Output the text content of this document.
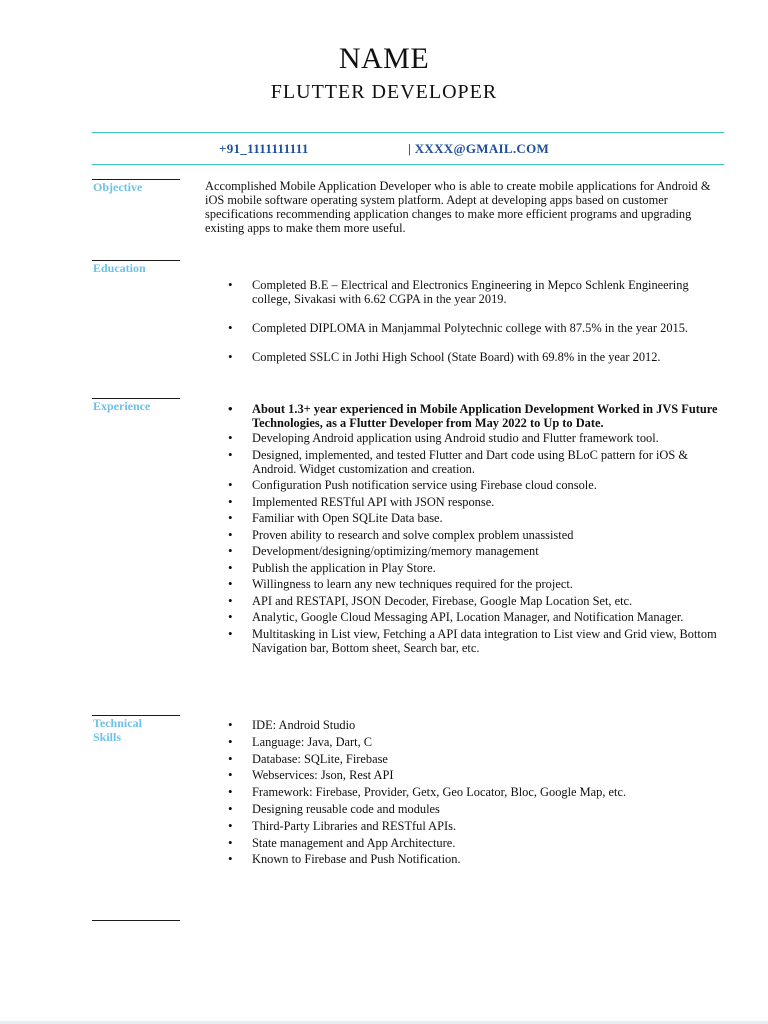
NAME
FLUTTER DEVELOPER
+91_1111111111	| XXXX@GMAIL.COM
Objective	Accomplished Mobile Application Developer who is able to create mobile applications for Android & iOS mobile software operating system platform. Adept at developing apps based on customer specifications recommending application changes to make more efficient programs and upgrading existing apps to make them more useful.
Education
• Completed B.E – Electrical and Electronics Engineering in Mepco Schlenk Engineering college, Sivakasi with 6.62 CGPA in the year 2019.
• Completed DIPLOMA in Manjammal Polytechnic college with 87.5% in the year 2015.
• Completed SSLC in Jothi High School (State Board) with 69.8% in the year 2012.
Experience
•	About 1.3+ year experienced in Mobile Application Development Worked in JVS Future Technologies, as a Flutter Developer from May 2022 to Up to Date.
• Developing Android application using Android studio and Flutter framework tool.
• Designed, implemented, and tested Flutter and Dart code using BLoC pattern for iOS & Android. Widget customization and creation.
• Configuration Push notification service using Firebase cloud console.
• Implemented RESTful API with JSON response.
• Familiar with Open SQLite Data base.
• Proven ability to research and solve complex problem unassisted
• Development/designing/optimizing/memory management
• Publish the application in Play Store.
• Willingness to learn any new techniques required for the project.
• API and RESTAPI, JSON Decoder, Firebase, Google Map Location Set, etc.
• Analytic, Google Cloud Messaging API, Location Manager, and Notification Manager.
• Multitasking in List view, Fetching a API data integration to List view and Grid view, Bottom Navigation bar, Bottom sheet, Search bar, etc.
Technical
Skills
• IDE: Android Studio
• Language: Java, Dart, C
• Database: SQLite, Firebase
• Webservices: Json, Rest API
• Framework: Firebase, Provider, Getx, Geo Locator, Bloc, Google Map, etc.
• Designing reusable code and modules
• Third-Party Libraries and RESTful APIs.
• State management and App Architecture.
• Known to Firebase and Push Notification.
